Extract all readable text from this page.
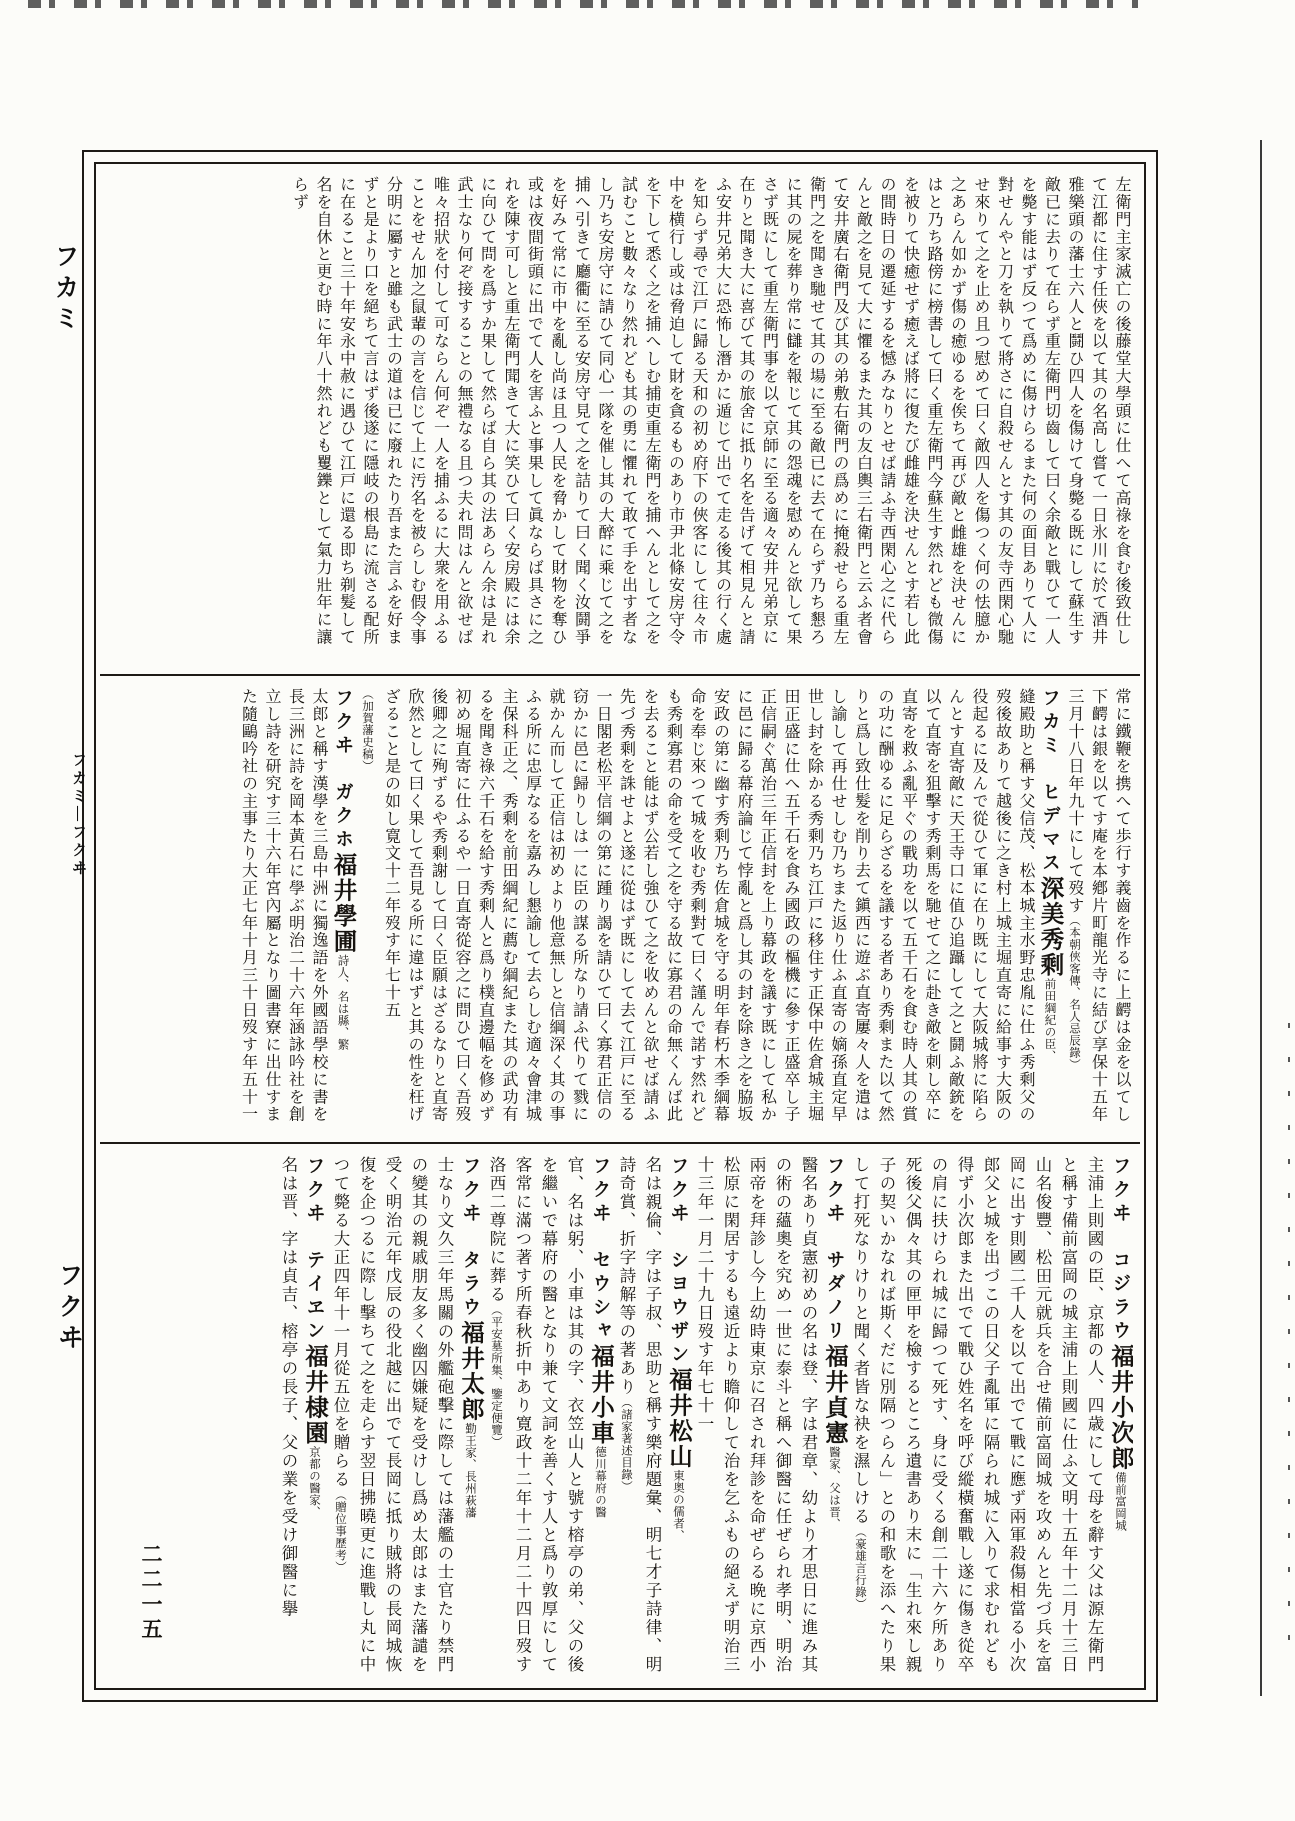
左衛門主家滅亡の後藤堂大學頭に仕へて高祿を食む後致仕して江都に住す任俠を以て其の名高し嘗て一日氷川に於て酒井雅樂頭の藩士六人と鬪ひ四人を傷けて身斃る既にして蘇生す敵已に去りて在らず重左衛門切齒して曰く余敵と戰ひて一人を斃す能はず反つて爲めに傷けらるまた何の面目ありて人に對せんやと刀を執りて將さに自殺せんとす其の友寺西閑心馳せ來りて之を止め且つ慰めて曰く敵四人を傷つく何の怯臆か之あらん如かず傷の癒ゆるを俟ちて再び敵と雌雄を決せんにはと乃ち路傍に榜書して曰く重左衛門今蘇生す然れども微傷を被りて快癒せず癒えば將に復たび雌雄を決せんとす若し此の間時日の遷延するを憾みなりとせば請ふ寺西閑心之に代らんと敵之を見て大に懼るまた其の友白輿三右衛門と云ふ者會て安井廣右衛門及び其の弟敷右衛門の爲めに掩殺せらる重左衛門之を聞き馳せて其の場に至る敵已に去て在らず乃ち懇ろに其の屍を葬り常に讎を報じて其の怨魂を慰めんと欲して果さず既にして重左衛門事を以て京師に至る適々安井兄弟京に在りと聞き大に喜びて其の旅舍に抵り名を告げて相見んと請ふ安井兄弟大に恐怖し潛かに遁じて出でて走る後其の行く處を知らず尋で江戸に歸る天和の初め府下の俠客にして往々市中を横行し或は脅迫して財を貪るものあり市尹北條安房守令を下して悉く之を捕へしむ捕吏重左衛門を捕へんとして之を試むこと數々なり然れども其の勇に懼れて敢て手を出す者なし乃ち安房守に請ひて同心一隊を催し其の大醉に乘じて之を捕へ引きて廳衢に至る安房守見て之を詰りて曰く聞く汝鬪爭を好みて常に市中を亂し尚ほ且つ人民を脅かして財物を奪ひ或は夜間街頭に出でて人を害ふと事果して眞ならば具さに之れを陳す可しと重左衛門聞きて大に笑ひて曰く安房殿には余に向ひて問を爲すか果して然らば自ら其の法あらん余は是れ武士なり何ぞ接することの無禮なる且つ夫れ問はんと欲せば唯々招狀を付して可ならん何ぞ一人を捕ふるに大衆を用ふることをせん加之鼠輩の言を信じて上に汚名を被らしむ假令事分明に屬すと雖も武士の道は已に廢れたり吾また言ふを好まずと是より口を絕ちて言はず後遂に隱岐の根島に流さる配所に在ること三十年安永中赦に遇ひて江戸に還る即ち剃髮して名を自休と更む時に年八十然れども矍鑠として氣力壯年に讓らず
常に鐵鞭を携へて歩行す義齒を作るに上齶は金を以てし下齶は銀を以てす庵を本鄕片町龍光寺に結び享保十五年三月十八日年九十にして歿す（本朝俠客傳、名人忌辰錄）
フカミ　ヒデマス深美秀剩前田綱紀の臣、
縫殿助と稱す父信茂、松本城主水野忠胤に仕ふ秀剩父の歿後故ありて越後に之き村上城主堀直寄に給事す大阪の役起るに及んで從ひて軍に在り既にして大阪城將に陷らんとす直寄敵に天王寺口に值ひ追躡して之と鬪ふ敵銃を以て直寄を狙擊す秀剩馬を馳せて之に赴き敵を刺し卒に直寄を救ふ亂平ぐの戰功を以て五千石を食む時人其の賞の功に酬ゆるに足らざるを議する者あり秀剩また以て然りと爲し致仕髮を削り去て鎭西に遊ぶ直寄屢々人を遣はし諭して再仕せしむ乃ちまた返り仕ふ直寄の嫡孫直定早世し封を除かる秀剩乃ち江戸に移住す正保中佐倉城主堀田正盛に仕へ五千石を食み國政の樞機に參す正盛卒し子正信嗣ぐ萬治三年正信封を上り幕政を議す既にして私かに邑に歸る幕府論じて悖亂と爲し其の封を除き之を脇坂安政の第に幽す秀剩乃ち佐倉城を守る明年春朽木季綱幕命を奉じ來つて城を收む秀剩對て曰く謹んで諾す然れども秀剩寡君の命を受て之を守る故に寡君の命無くんば此を去ること能はず公若し強ひて之を收めんと欲せば請ふ先づ秀剩を誅せよと遂に從はず既にして去て江戸に至る一日閣老松平信綱の第に踵り謁を請ひて曰く寡君正信の窃かに邑に歸りしは一に臣の謀る所なり請ふ代りて戮に就かん而して正信は初めより他意無しと信綱深く其の事ふる所に忠厚なるを嘉みし懇諭して去らしむ適々會津城主保科正之、秀剩を前田綱紀に薦む綱紀また其の武功有るを聞き祿六千石を給す秀剩人と爲り樸直邊幅を修めず初め堀直寄に仕ふるや一日直寄從容之に問ひて曰く吾歿後卿之に殉ずるや秀剩謝して曰く臣願はざるなりと直寄欣然として曰く果して吾見る所に違はずと其の性を枉げざること是の如し寛文十二年歿す年七十五
（加賀藩史稿）
フクヰ　ガクホ福井學圃詩人、名は縣、繁
太郎と稱す漢學を三島中洲に獨逸語を外國語學校に書を長三洲に詩を岡本黃石に學ぶ明治二十六年涵詠吟社を創立し詩を研究す三十六年宮內屬となり圖書寮に出仕すまた隨鷗吟社の主事たり大正七年十月三十日歿す年五十一
フクヰ　コジラウ福井小次郎備前富岡城
主浦上則國の臣、京都の人、四歳にして母を辭す父は源左衛門と稱す備前富岡の城主浦上則國に仕ふ文明十五年十二月十三日山名俊豐、松田元就兵を合せ備前富岡城を攻めんと先づ兵を富岡に出す則國二千人を以て出でて戰に應ず兩軍殺傷相當る小次郎父と城を出づこの日父子亂軍に隔られ城に入りて求むれども得ず小次郎また出でて戰ひ姓名を呼び縱橫奮戰し遂に傷き從卒の肩に扶けられ城に歸つて死す、身に受くる創二十六ケ所あり死後父偶々其の匣甲を檢するところ遺書あり末に「生れ來し親子の契いかなれば斯くだに別隔つらん」との和歌を添へたり果して打死なりけりと聞く者皆な袂を濕しける（豪雄言行錄）
フクヰ　サダノリ福井貞憲醫家、父は晋、
醫名あり貞憲初めの名は登、字は君章、幼より才思日に進み其の術の蘊奧を究め一世に泰斗と稱へ御醫に任ぜられ孝明、明治兩帝を拜診し今上幼時東京に召され拜診を命ぜらる晩に京西小松原に閑居するも遠近より瞻仰して治を乞ふもの絕えず明治三十三年一月二十九日歿す年七十一
フクヰ　シヨウザン福井松山東奥の儒者、
名は親倫、字は子叔、思助と稱す樂府題彙、明七才子詩律、明詩奇賞、折字詩解等の著あり（諸家著述目錄）
フクヰ　セウシャ福井小車德川幕府の醫
官、名は躬、小車は其の字、衣笠山人と號す榕亭の弟、父の後を繼いで幕府の醫となり兼て文詞を善くす人と爲り敦厚にして客常に滿つ著す所春秋折中あり寛政十二年十二月二十四日歿す洛西二尊院に葬る（平安墓所集、鑒定便覽）
フクヰ　タラウ福井太郎勤王家、長州萩藩
士なり文久三年馬關の外艦砲擊に際しては藩艦の士官たり禁門の變其の親戚朋友多く幽囚嫌疑を受けし爲め太郎はまた藩譴を受く明治元年戊辰の役北越に出でて長岡に抵り賊將の長岡城恢復を企つるに際し擊ちて之を走らす翌日拂曉更に進戰し丸に中つて斃る大正四年十一月從五位を贈らる（贈位事歷考）
フクヰ　テイヱン福井棣園京都の醫家、
名は晋、字は貞吉、榕亭の長子、父の業を受け御醫に擧
フカミ
フカミ―フクヰ
フクヰ
二二一五
